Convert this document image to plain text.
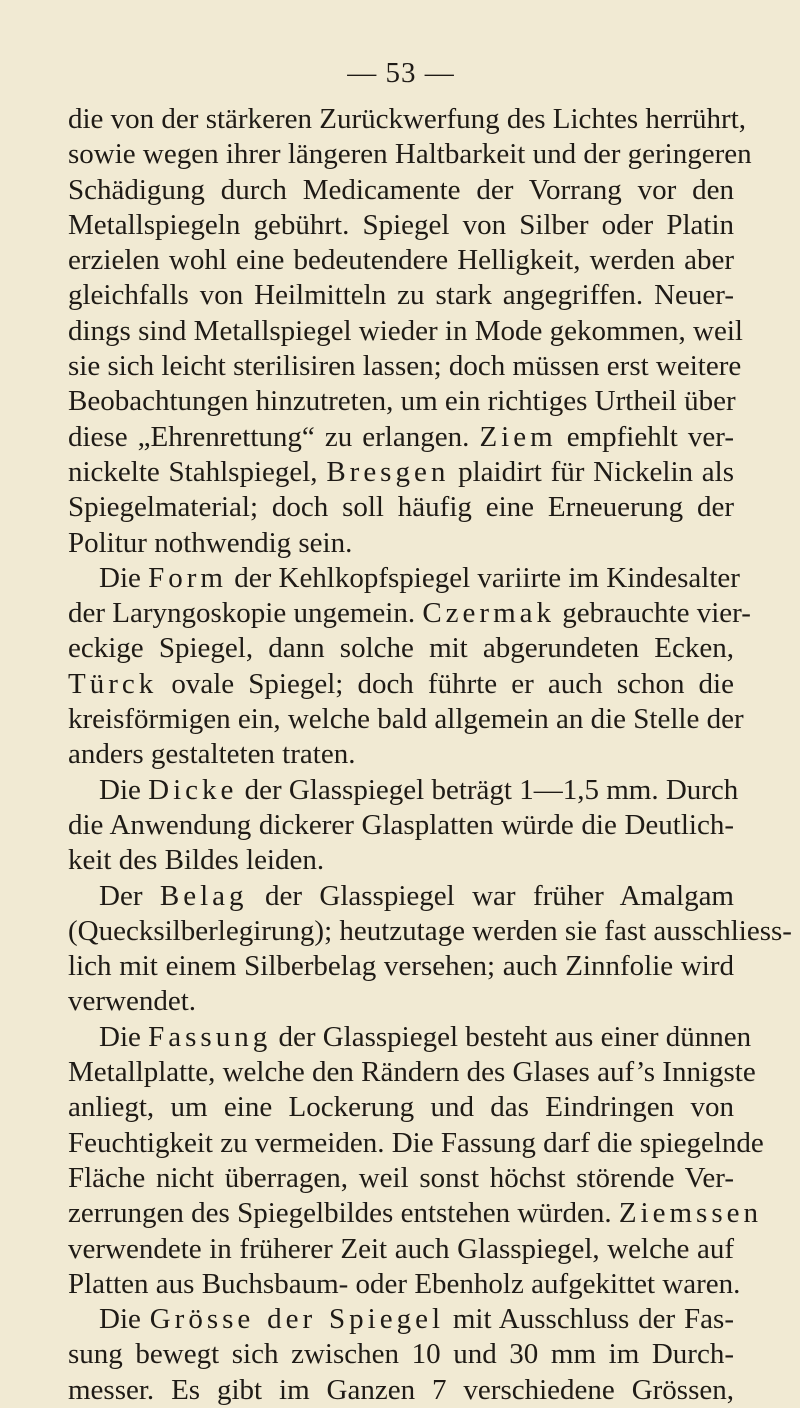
— 53 —
die von der stärkeren Zurückwerfung des Lichtes herrührt,
sowie wegen ihrer längeren Haltbarkeit und der geringeren
Schädigung durch Medicamente der Vorrang vor den
Metallspiegeln gebührt. Spiegel von Silber oder Platin
erzielen wohl eine bedeutendere Helligkeit, werden aber
gleichfalls von Heilmitteln zu stark angegriffen. Neuer-
dings sind Metallspiegel wieder in Mode gekommen, weil
sie sich leicht sterilisiren lassen; doch müssen erst weitere
Beobachtungen hinzutreten, um ein richtiges Urtheil über
diese „Ehrenrettung“ zu erlangen. Ziem empfiehlt ver-
nickelte Stahlspiegel, Bresgen plaidirt für Nickelin als
Spiegelmaterial; doch soll häufig eine Erneuerung der
Politur nothwendig sein.
Die Form der Kehlkopfspiegel variirte im Kindesalter
der Laryngoskopie ungemein. Czermak gebrauchte vier-
eckige Spiegel, dann solche mit abgerundeten Ecken,
Türck ovale Spiegel; doch führte er auch schon die
kreisförmigen ein, welche bald allgemein an die Stelle der
anders gestalteten traten.
Die Dicke der Glasspiegel beträgt 1—1,5 mm. Durch
die Anwendung dickerer Glasplatten würde die Deutlich-
keit des Bildes leiden.
Der Belag der Glasspiegel war früher Amalgam
(Quecksilberlegirung); heutzutage werden sie fast ausschliess-
lich mit einem Silberbelag versehen; auch Zinnfolie wird
verwendet.
Die Fassung der Glasspiegel besteht aus einer dünnen
Metallplatte, welche den Rändern des Glases auf’s Innigste
anliegt, um eine Lockerung und das Eindringen von
Feuchtigkeit zu vermeiden. Die Fassung darf die spiegelnde
Fläche nicht überragen, weil sonst höchst störende Ver-
zerrungen des Spiegelbildes entstehen würden. Ziemssen
verwendete in früherer Zeit auch Glasspiegel, welche auf
Platten aus Buchsbaum- oder Ebenholz aufgekittet waren.
Die Grösse der Spiegel mit Ausschluss der Fas-
sung bewegt sich zwischen 10 und 30 mm im Durch-
messer. Es gibt im Ganzen 7 verschiedene Grössen,
